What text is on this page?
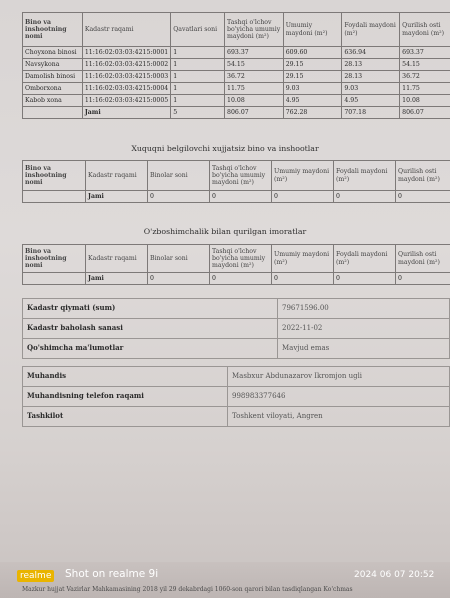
Bino va inshootning nomi	Kadastr raqami	Qavatlari soni	Tashqi o'lchov bo'yicha umumiy maydoni (m²)	Umumiy maydoni (m²)	Foydali maydoni (m²)	Qurilish osti maydoni (m²)
Choyxona binosi	11:16:02:03:03:4215:0001	1	693.37	609.60	636.94	693.37
Navsykona	11:16:02:03:03:4215:0002	1	54.15	29.15	28.13	54.15
Damolish binosi	11:16:02:03:03:4215:0003	1	36.72	29.15	28.13	36.72
Omborxona	11:16:02:03:03:4215:0004	1	11.75	9.03	9.03	11.75
Kabob xona	11:16:02:03:03:4215:0005	1	10.08	4.95	4.95	10.08
	Jami	5	806.07	762.28	707.18	806.07
Xuquqni belgilovchi xujjatsiz bino va inshootlar
Bino va inshootning nomi	Kadastr raqami	Binolar soni	Tashqi o'lchov bo'yicha umumiy maydoni (m²)	Umumiy maydoni (m²)	Foydali maydoni (m²)	Qurilish osti maydoni (m²)
	Jami	0	0	0	0	0
O'zboshimchalik bilan qurilgan imoratlar
Bino va inshootning nomi	Kadastr raqami	Binolar soni	Tashqi o'lchov bo'yicha umumiy maydoni (m²)	Umumiy maydoni (m²)	Foydali maydoni (m²)	Qurilish osti maydoni (m²)
	Jami	0	0	0	0	0
Kadastr qiymati (sum)	79671596.00
Kadastr baholash sanasi	2022-11-02
Qo'shimcha ma'lumotlar	Mavjud emas
Muhandis	Masbxur Abdunazarov Ikromjon ugli
Muhandisning telefon raqami	998983377646
Tashkilot	Toshkent viloyati, Angren
realme Shot on realme 9i	2024 06 07 20:52
Mazkur hujjat Vazirlar Mahkamasining 2018 yil 29 dekabrdagi 1060-son qarori bilan tasdiqlangan Ko'chmas
